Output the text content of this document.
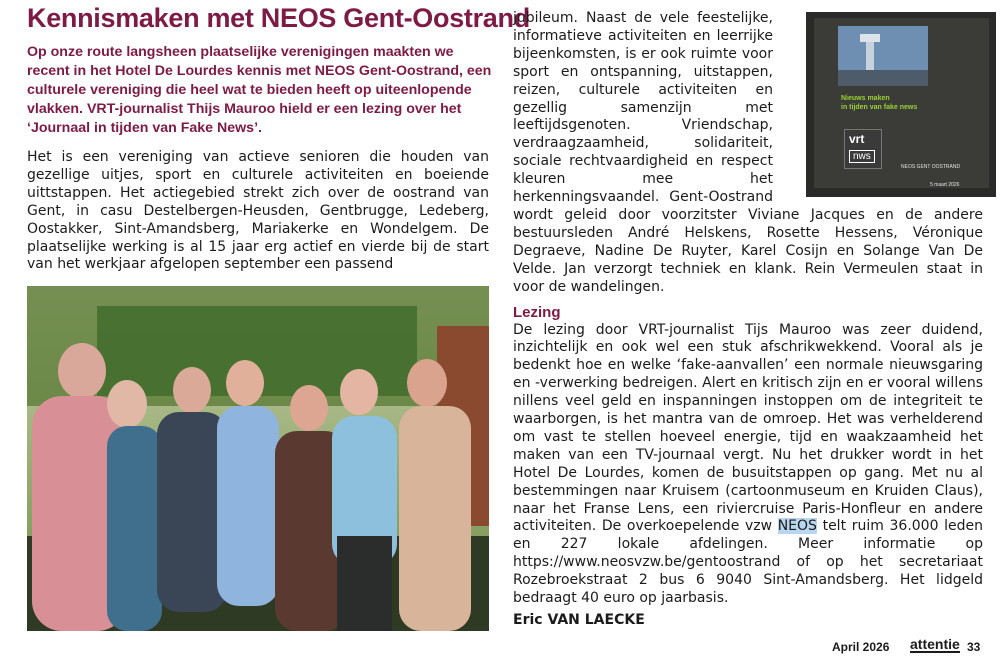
Kennismaken met NEOS Gent-Oostrand

Op onze route langsheen plaatselijke verenigingen maakten we recent in het Hotel De Lourdes kennis met NEOS Gent-Oostrand, een culturele vereniging die heel wat te bieden heeft op uiteenlopende vlakken. VRT-journalist Thijs Mauroo hield er een lezing over het ‘Journaal in tijden van Fake News’.

Het is een vereniging van actieve senioren die houden van gezellige uitjes, sport en culturele activiteiten en boeiende uittstappen. Het actiegebied strekt zich over de oostrand van Gent, in casu Destelbergen-Heusden, Gentbrugge, Ledeberg, Oostakker, Sint-Amandsberg, Mariakerke en Wondelgem. De plaatselijke werking is al 15 jaar erg actief en vierde bij de start van het werkjaar afgelopen september een passend

Nieuws maken
in tijden van fake news
vrt
nws
NEOS GENT OOSTRAND
5 maart 2026

jubileum. Naast de vele feestelijke, informatieve activiteiten en leerrijke bijeenkomsten, is er ook ruimte voor sport en ontspanning, uitstappen, reizen, culturele activiteiten en gezellig samenzijn met leeftijdsgenoten. Vriendschap, verdraagzaamheid, solidariteit, sociale rechtvaardigheid en respect kleuren mee het herkenningsvaandel. Gent-Oostrand wordt geleid door voorzitster Viviane Jacques en de andere bestuursleden André Helskens, Rosette Hessens, Véronique Degraeve, Nadine De Ruyter, Karel Cosijn en Solange Van De Velde. Jan verzorgt techniek en klank. Rein Vermeulen staat in voor de wandelingen.

Lezing

De lezing door VRT-journalist Tijs Mauroo was zeer duidend, inzichtelijk en ook wel een stuk afschrikwekkend. Vooral als je bedenkt hoe en welke ‘fake-aanvallen’ een normale nieuwsgaring en -verwerking bedreigen. Alert en kritisch zijn en er vooral willens nillens veel geld en inspanningen instoppen om de integriteit te waarborgen, is het mantra van de omroep. Het was verhelderend om vast te stellen hoeveel energie, tijd en waakzaamheid het maken van een TV-journaal vergt. Nu het drukker wordt in het Hotel De Lourdes, komen de busuitstappen op gang. Met nu al bestemmingen naar Kruisem (cartoonmuseum en Kruiden Claus), naar het Franse Lens, een riviercruise Paris-Honfleur en andere activiteiten. De overkoepelende vzw NEOS telt ruim 36.000 leden en 227 lokale afdelingen. Meer informatie op https://www.neosvzw.be/gentoostrand of op het secretariaat Rozebroekstraat 2 bus 6 9040 Sint-Amandsberg. Het lidgeld bedraagt 40 euro op jaarbasis.

Eric VAN LAECKE

April 2026 attentie 33
